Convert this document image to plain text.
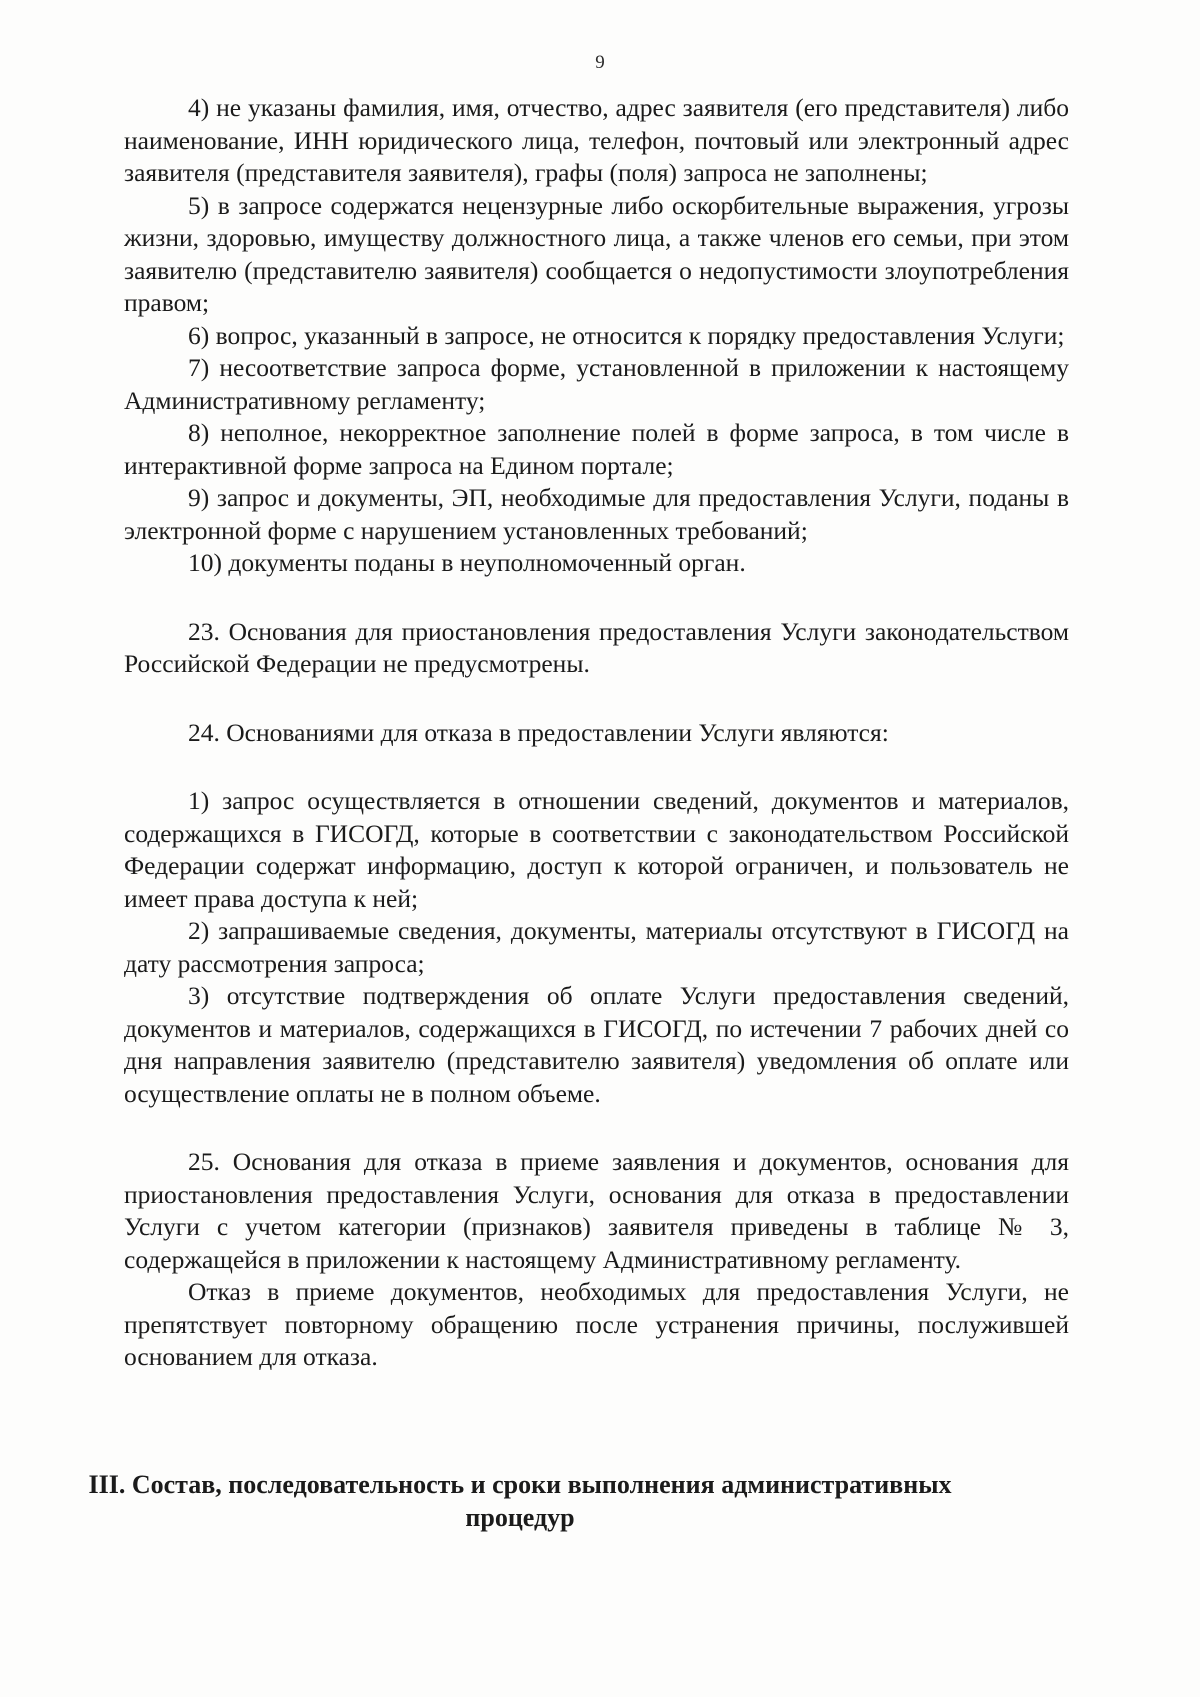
9

4) не указаны фамилия, имя, отчество, адрес заявителя (его представителя) либо наименование, ИНН юридического лица, телефон, почтовый или электронный адрес заявителя (представителя заявителя), графы (поля) запроса не заполнены;

5) в запросе содержатся нецензурные либо оскорбительные выражения, угрозы жизни, здоровью, имуществу должностного лица, а также членов его семьи, при этом заявителю (представителю заявителя) сообщается о недопустимости злоупотребления правом;

6) вопрос, указанный в запросе, не относится к порядку предоставления Услуги;

7) несоответствие запроса форме, установленной в приложении к настоящему Административному регламенту;

8) неполное, некорректное заполнение полей в форме запроса, в том числе в интерактивной форме запроса на Едином портале;

9) запрос и документы, ЭП, необходимые для предоставления Услуги, поданы в электронной форме с нарушением установленных требований;

10) документы поданы в неуполномоченный орган.

23. Основания для приостановления предоставления Услуги законодательством Российской Федерации не предусмотрены.

24. Основаниями для отказа в предоставлении Услуги являются:

1) запрос осуществляется в отношении сведений, документов и материалов, содержащихся в ГИСОГД, которые в соответствии с законодательством Российской Федерации содержат информацию, доступ к которой ограничен, и пользователь не имеет права доступа к ней;

2) запрашиваемые сведения, документы, материалы отсутствуют в ГИСОГД на дату рассмотрения запроса;

3) отсутствие подтверждения об оплате Услуги предоставления сведений, документов и материалов, содержащихся в ГИСОГД, по истечении 7 рабочих дней со дня направления заявителю (представителю заявителя) уведомления об оплате или осуществление оплаты не в полном объеме.

25. Основания для отказа в приеме заявления и документов, основания для приостановления предоставления Услуги, основания для отказа в предоставлении Услуги с учетом категории (признаков) заявителя приведены в таблице № 3, содержащейся в приложении к настоящему Административному регламенту.

Отказ в приеме документов, необходимых для предоставления Услуги, не препятствует повторному обращению после устранения причины, послужившей основанием для отказа.

III. Состав, последовательность и сроки выполнения административных процедур
